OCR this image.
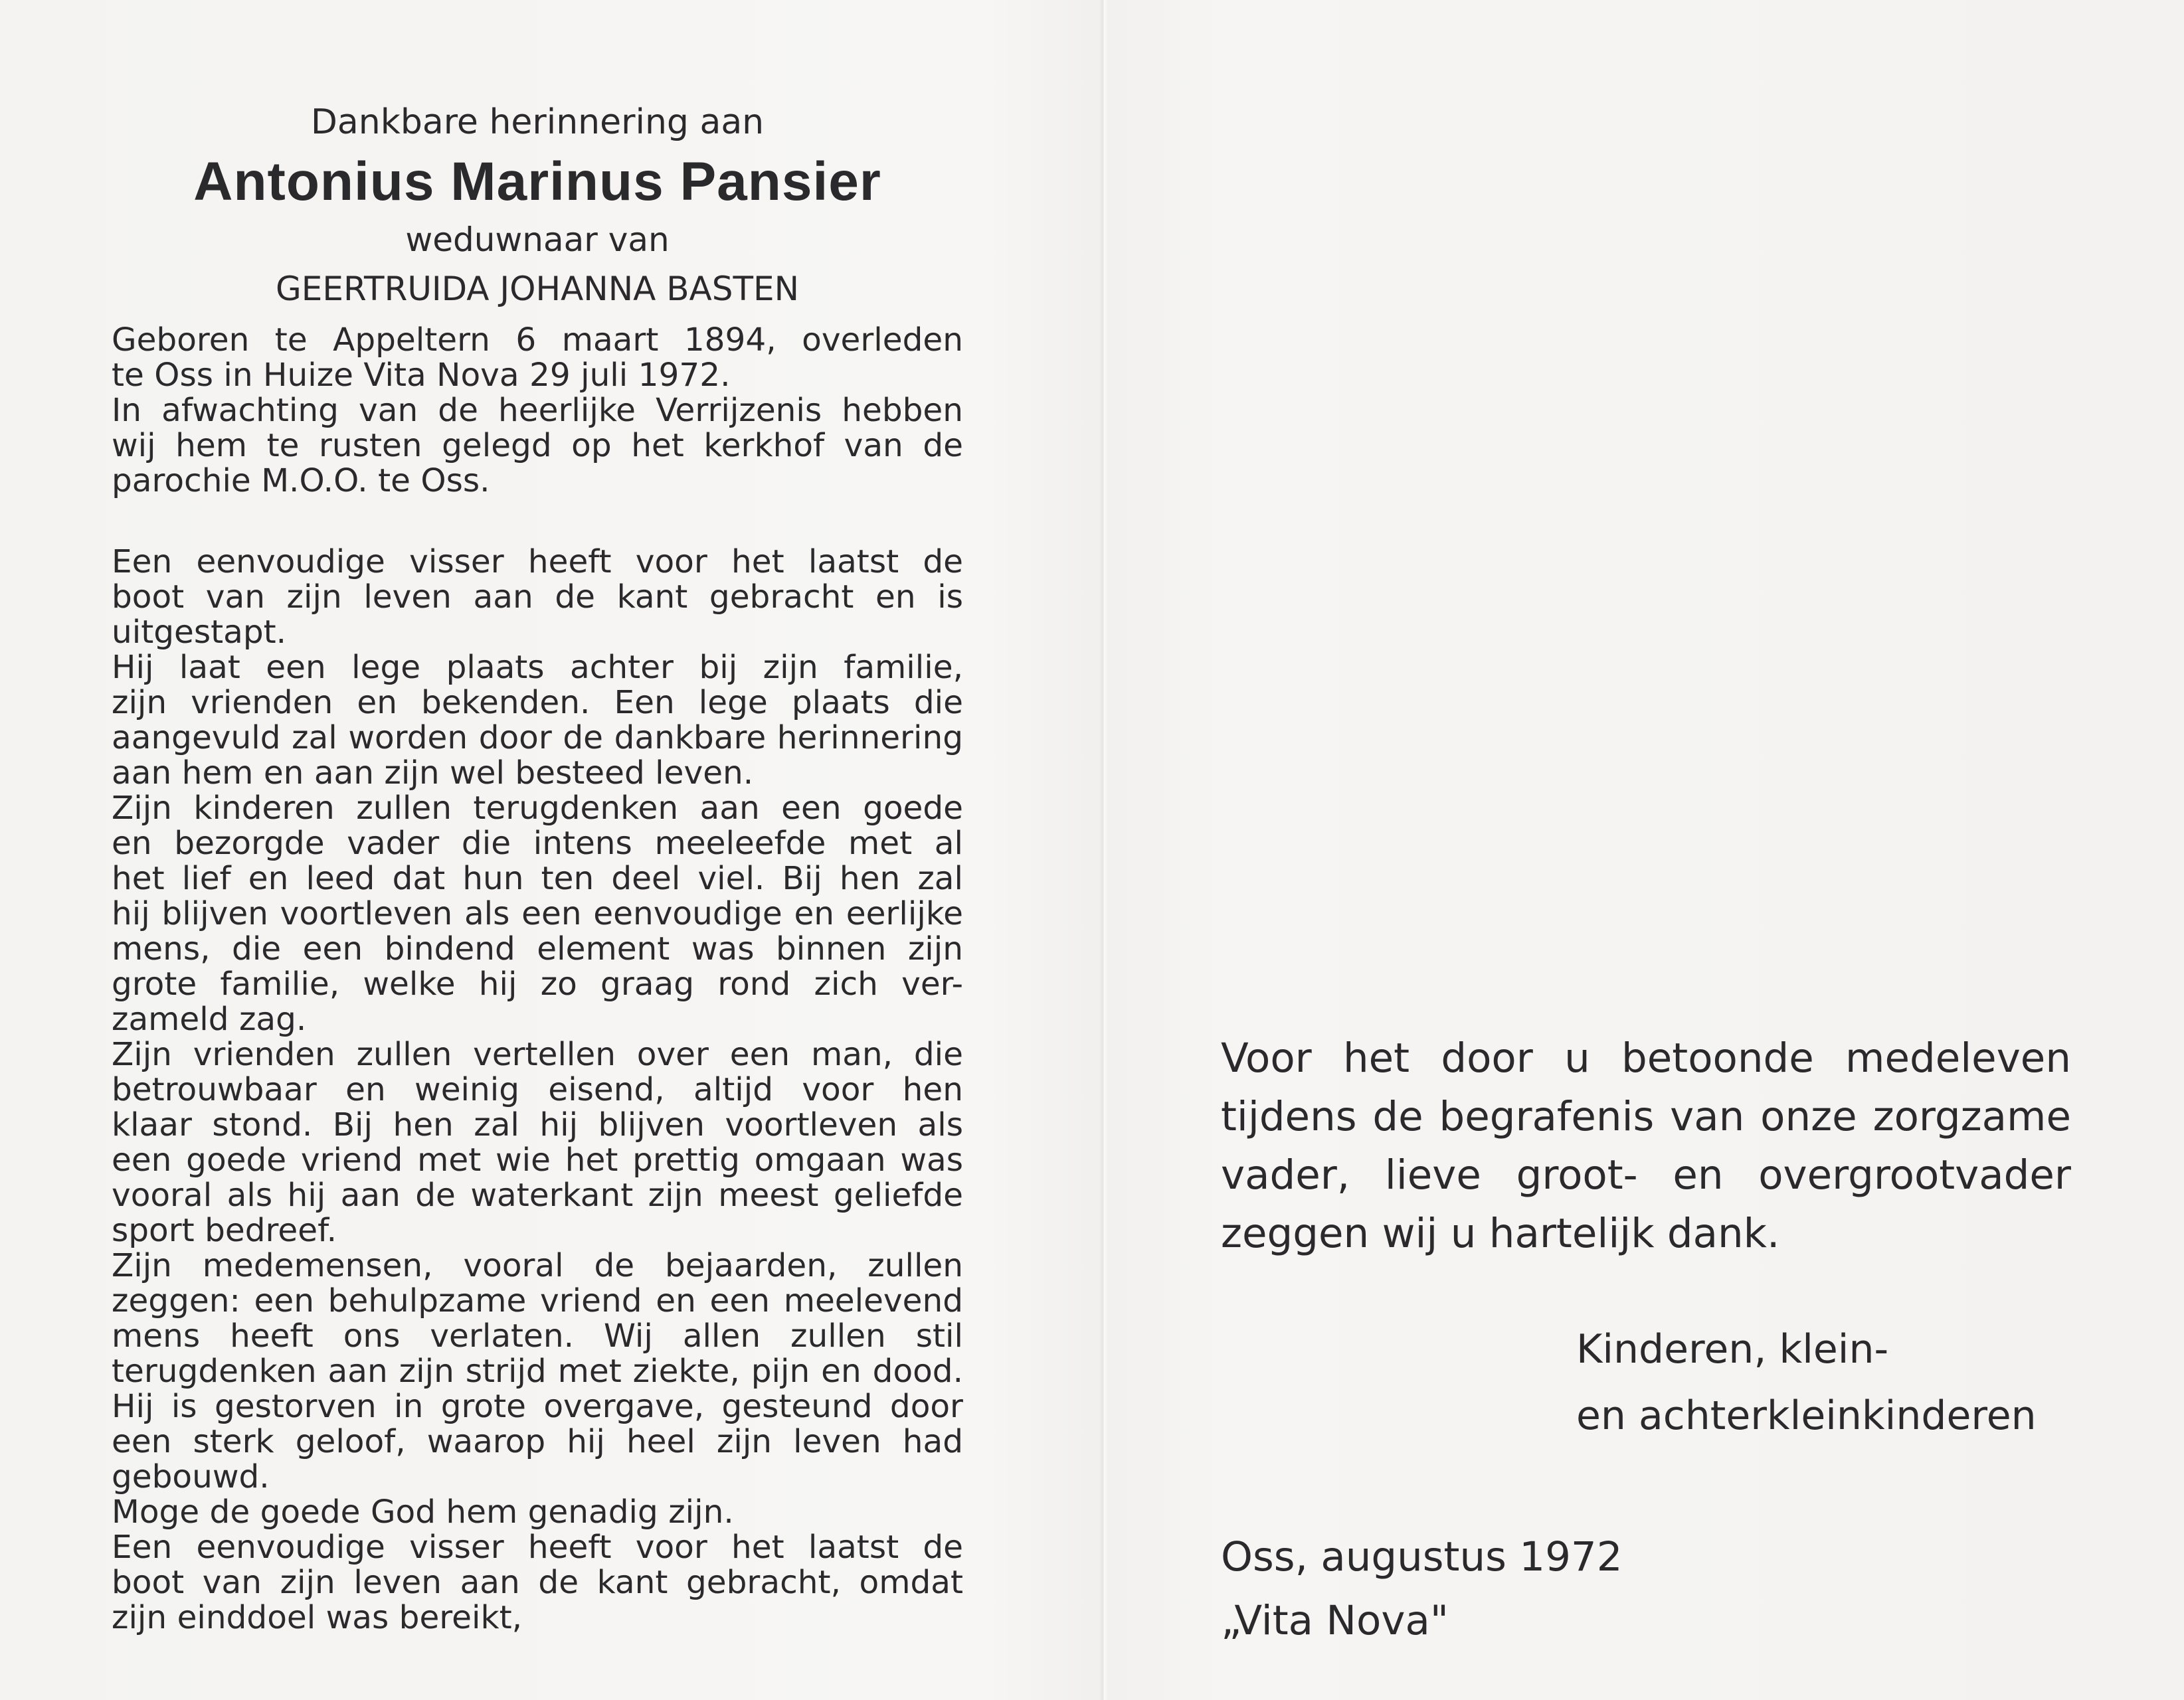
Dankbare herinnering aan
Antonius Marinus Pansier
weduwnaar van
GEERTRUIDA JOHANNA BASTEN
Geboren te Appeltern 6 maart 1894, overleden
te Oss in Huize Vita Nova 29 juli 1972.
In afwachting van de heerlijke Verrijzenis hebben
wij hem te rusten gelegd op het kerkhof van de
parochie M.O.O. te Oss.
Een eenvoudige visser heeft voor het laatst de
boot van zijn leven aan de kant gebracht en is
uitgestapt.
Hij laat een lege plaats achter bij zijn familie,
zijn vrienden en bekenden. Een lege plaats die
aangevuld zal worden door de dankbare herinnering
aan hem en aan zijn wel besteed leven.
Zijn kinderen zullen terugdenken aan een goede
en bezorgde vader die intens meeleefde met al
het lief en leed dat hun ten deel viel. Bij hen zal
hij blijven voortleven als een eenvoudige en eerlijke
mens, die een bindend element was binnen zijn
grote familie, welke hij zo graag rond zich ver-
zameld zag.
Zijn vrienden zullen vertellen over een man, die
betrouwbaar en weinig eisend, altijd voor hen
klaar stond. Bij hen zal hij blijven voortleven als
een goede vriend met wie het prettig omgaan was
vooral als hij aan de waterkant zijn meest geliefde
sport bedreef.
Zijn medemensen, vooral de bejaarden, zullen
zeggen: een behulpzame vriend en een meelevend
mens heeft ons verlaten. Wij allen zullen stil
terugdenken aan zijn strijd met ziekte, pijn en dood.
Hij is gestorven in grote overgave, gesteund door
een sterk geloof, waarop hij heel zijn leven had
gebouwd.
Moge de goede God hem genadig zijn.
Een eenvoudige visser heeft voor het laatst de
boot van zijn leven aan de kant gebracht, omdat
zijn einddoel was bereikt,
Voor het door u betoonde medeleven
tijdens de begrafenis van onze zorgzame
vader, lieve groot- en overgrootvader
zeggen wij u hartelijk dank.
Kinderen, klein-
en achterkleinkinderen
Oss, augustus 1972
„Vita Nova"
